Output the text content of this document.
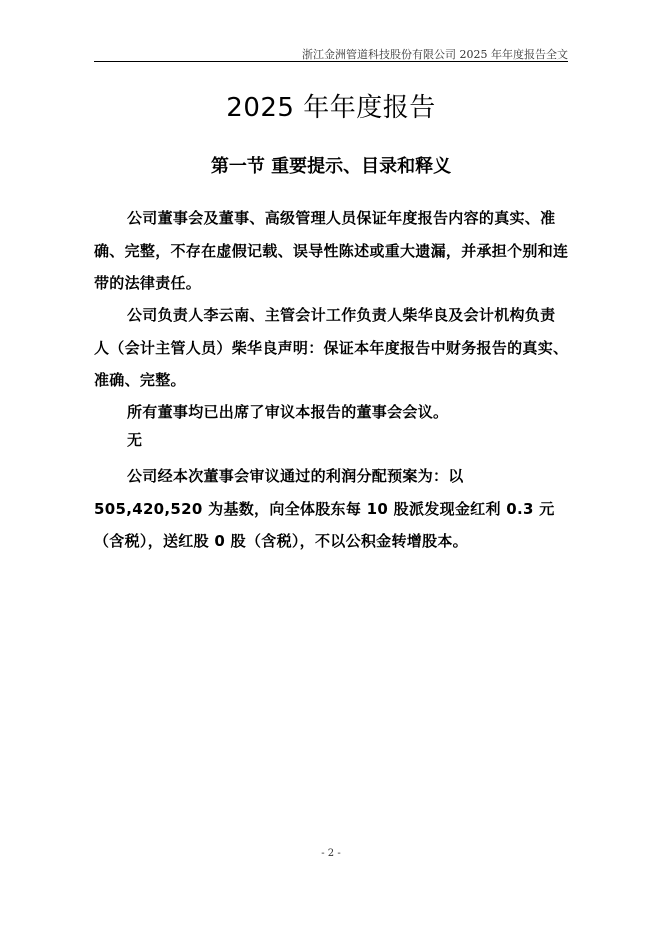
浙江金洲管道科技股份有限公司 2025 年年度报告全文
2025 年年度报告
第一节 重要提示、目录和释义

公司董事会及董事、高级管理人员保证年度报告内容的真实、准确、完整，不存在虚假记载、误导性陈述或重大遗漏，并承担个别和连带的法律责任。

公司负责人李云南、主管会计工作负责人柴华良及会计机构负责人（会计主管人员）柴华良声明：保证本年度报告中财务报告的真实、准确、完整。

所有董事均已出席了审议本报告的董事会会议。

无

公司经本次董事会审议通过的利润分配预案为：以 505,420,520 为基数，向全体股东每 10 股派发现金红利 0.3 元（含税），送红股 0 股（含税），不以公积金转增股本。

- 2 -
